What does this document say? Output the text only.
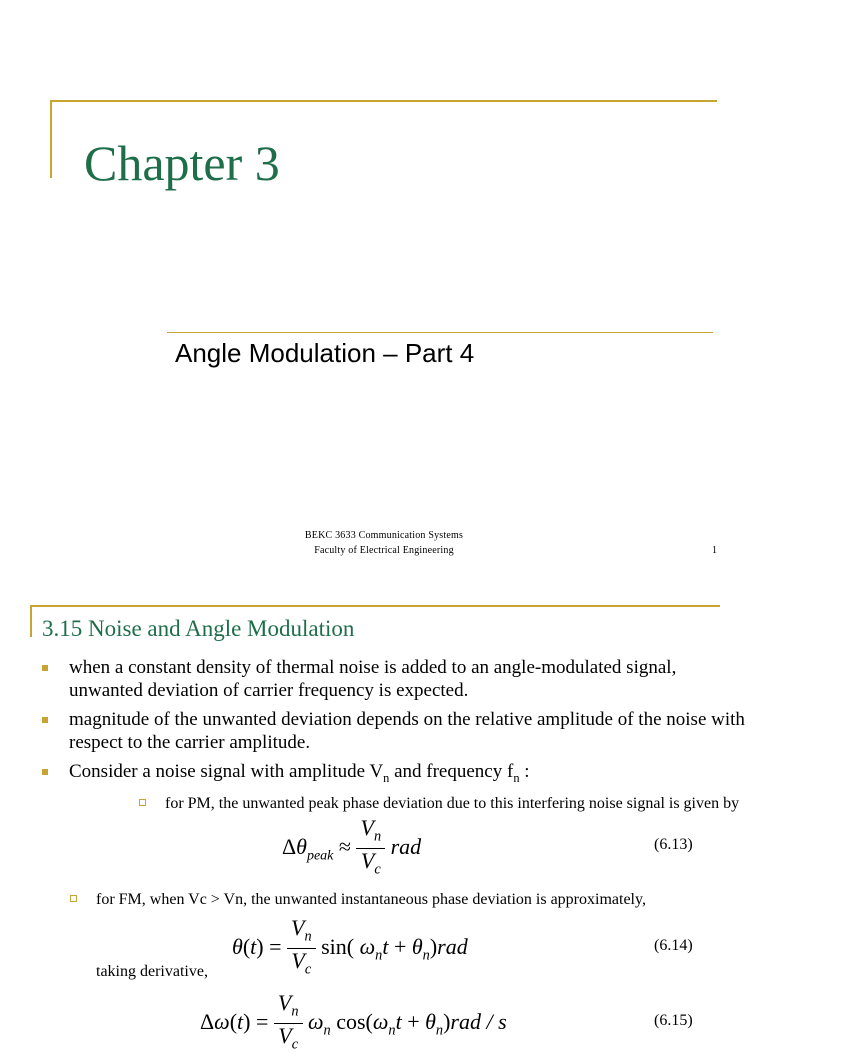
Chapter 3
Angle Modulation – Part 4
BEKC 3633 Communication Systems
Faculty of Electrical Engineering	1
3.15 Noise and Angle Modulation
when a constant density of thermal noise is added to an angle-modulated signal, unwanted deviation of carrier frequency is expected.
magnitude of the unwanted deviation depends on the relative amplitude of the noise with respect to the carrier amplitude.
Consider a noise signal with amplitude $V_n$ and frequency $f_n$ :
for PM, the unwanted peak phase deviation due to this interfering noise signal is given by
$\Delta\theta_{peak} \approx \frac{V_n}{V_c}$ rad	(6.13)
for FM, when Vc > Vn, the unwanted instantaneous phase deviation is approximately,
$\theta(t) = \frac{V_n}{V_c} \sin$( $\omega_nt + \theta_n)rad$	(6.14)
taking derivative,
$\Delta\omega(t) = \frac{V_n}{V_c} \omega_n$ $\cos(\omega_nt + \theta_n)rad / s$	(6.15)
